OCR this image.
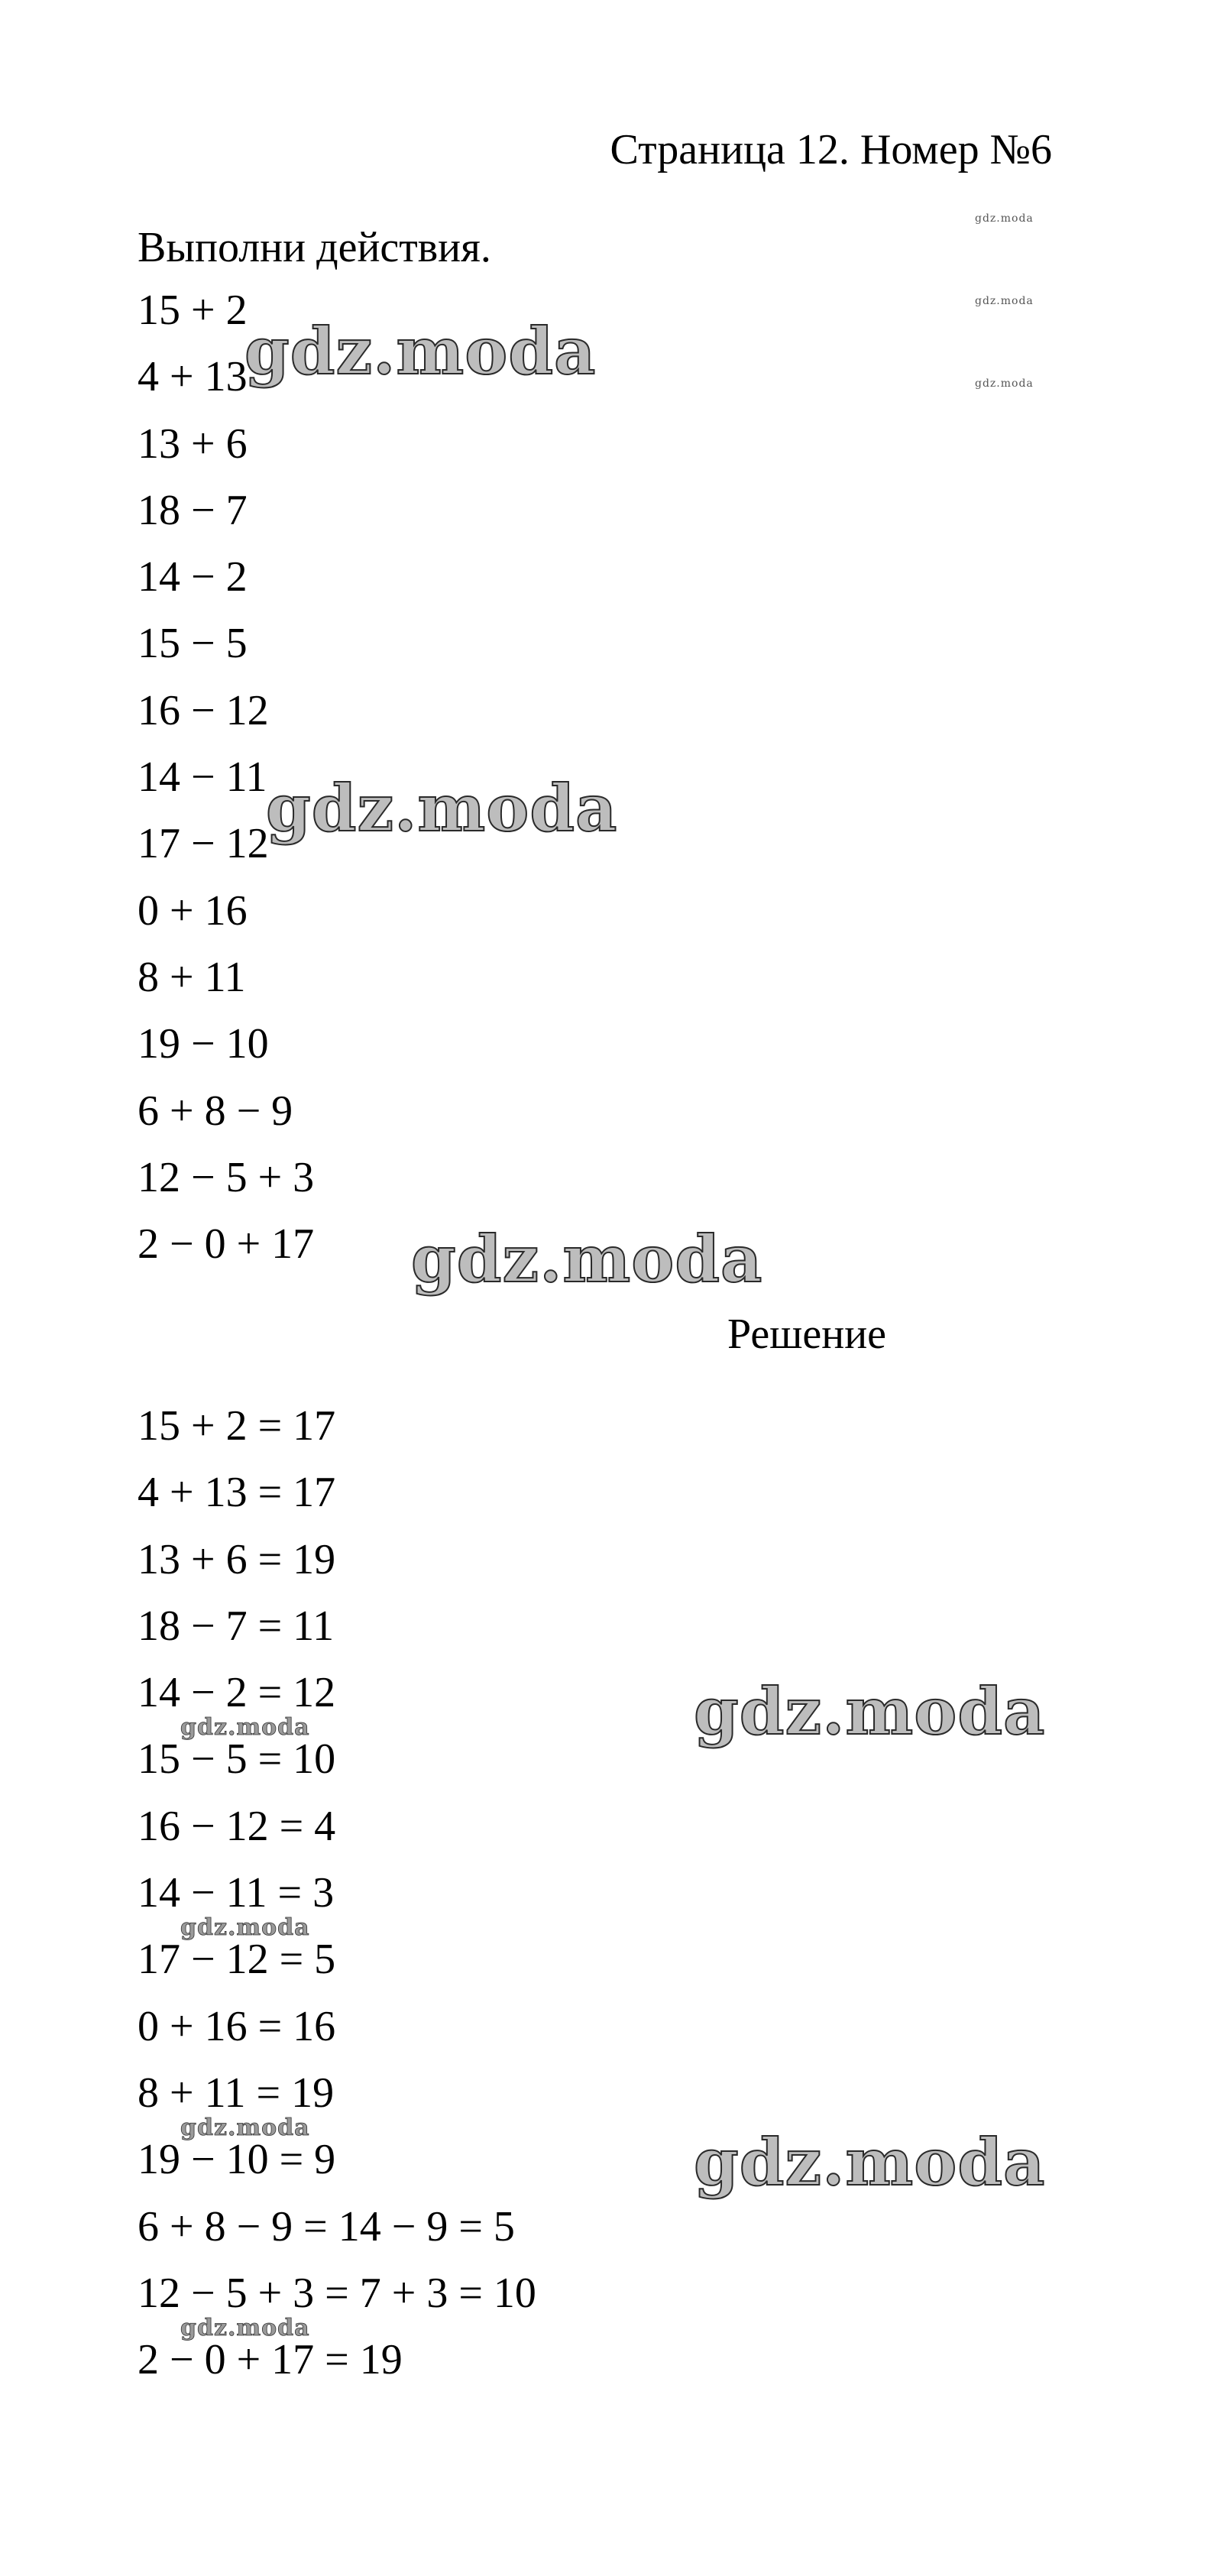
Страница 12. Номер №6
Выполни действия.
15 + 2
4 + 13
13 + 6
18 − 7
14 − 2
15 − 5
16 − 12
14 − 11
17 − 12
0 + 16
8 + 11
19 − 10
6 + 8 − 9
12 − 5 + 3
2 − 0 + 17
Решение
15 + 2 = 17
4 + 13 = 17
13 + 6 = 19
18 − 7 = 11
14 − 2 = 12
15 − 5 = 10
16 − 12 = 4
14 − 11 = 3
17 − 12 = 5
0 + 16 = 16
8 + 11 = 19
19 − 10 = 9
6 + 8 − 9 = 14 − 9 = 5
12 − 5 + 3 = 7 + 3 = 10
2 − 0 + 17 = 19
gdz.moda
gdz.moda
gdz.moda
gdz.moda
gdz.moda
gdz.moda
gdz.moda
gdz.moda
gdz.moda
gdz.moda
gdz.moda
gdz.moda
